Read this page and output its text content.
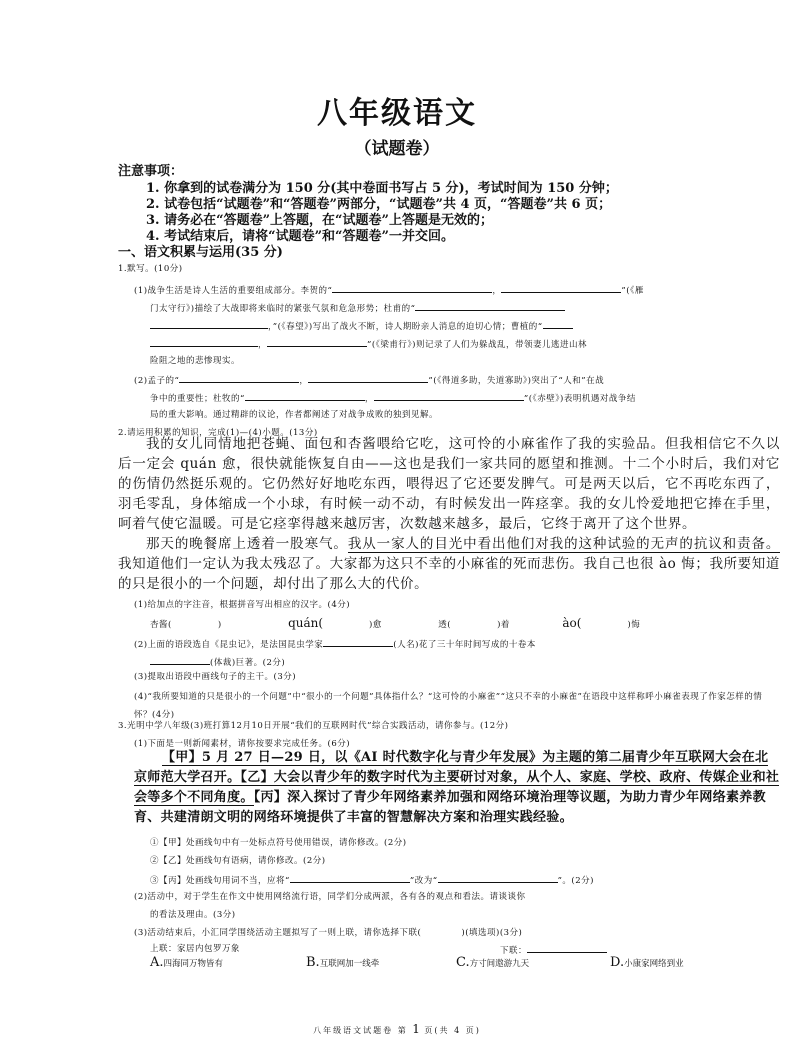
八年级语文
（试题卷）
注意事项：
1. 你拿到的试卷满分为 150 分(其中卷面书写占 5 分)，考试时间为 150 分钟；
2. 试卷包括“试题卷”和“答题卷”两部分，“试题卷”共 4 页，“答题卷”共 6 页；
3. 请务必在“答题卷”上答题，在“试题卷”上答题是无效的；
4. 考试结束后，请将“试题卷”和“答题卷”一并交回。
一、语文积累与运用(35 分)
1.默写。(10分)
(1)战争生活是诗人生活的重要组成部分。李贺的“	，	”(《雁
门太守行》)描绘了大战即将来临时的紧张气氛和危急形势；杜甫的“
，”(《春望》)写出了战火不断，诗人期盼亲人消息的迫切心情；曹植的“
，	”(《梁甫行》)则记录了人们为躲战乱，带领妻儿逃进山林
险阻之地的悲惨现实。
(2)孟子的“	，	”(《得道多助，失道寡助》)突出了“人和”在战
争中的重要性；杜牧的“	，	”(《赤壁》)表明机遇对战争结
局的重大影响。通过精辟的议论，作者都阐述了对战争成败的独到见解。
2.请运用积累的知识，完成(1)—(4)小题。(13分)

我的女儿同情地把苍蝇、面包和杏酱喂给它吃，这可怜的小麻雀作了我的实验品。但我相信它不久以后一定会 quán 愈，很快就能恢复自由——这也是我们一家共同的愿望和推测。十二个小时后，我们对它的伤情仍然挺乐观的。它仍然好好地吃东西，喂得迟了它还要发脾气。可是两天以后，它不再吃东西了，羽毛零乱，身体缩成一个小球，有时候一动不动，有时候发出一阵痉挛。我的女儿怜爱地把它捧在手里，呵着气使它温暖。可是它痉挛得越来越厉害，次数越来越多，最后，它终于离开了这个世界。

那天的晚餐席上透着一股寒气。我从一家人的目光中看出他们对我的这种试验的无声的抗议和责备。我知道他们一定认为我太残忍了。大家都为这只不幸的小麻雀的死而悲伤。我自己也很 ào 悔；我所要知道的只是很小的一个问题，却付出了那么大的代价。

(1)给加点的字注音，根据拼音写出相应的汉字。(4分)
杏酱(	)	quán(	)愈	透(	)着	ào(	)悔
(2)上面的语段选自《昆虫记》，是法国昆虫学家	(人名)花了三十年时间写成的十卷本
(体裁)巨著。(2分)
(3)提取出语段中画线句子的主干。(3分)
(4)“我所要知道的只是很小的一个问题”中“很小的一个问题”具体指什么？“这可怜的小麻雀”“这只不幸的小麻雀”在语段中这样称呼小麻雀表现了作家怎样的情怀？(4分)
3.光明中学八年级(3)班打算12月10日开展“我们的互联网时代”综合实践活动，请你参与。(12分)
(1)下面是一则新闻素材，请你按要求完成任务。(6分)

【甲】5 月 27 日—29 日，以《AI 时代数字化与青少年发展》为主题的第二届青少年互联网大会在北京师范大学召开。【乙】大会以青少年的数字时代为主要研讨对象，从个人、家庭、学校、政府、传媒企业和社会等多个不同角度。【丙】深入探讨了青少年网络素养加强和网络环境治理等议题，为助力青少年网络素养教育、共建清朗文明的网络环境提供了丰富的智慧解决方案和治理实践经验。

①【甲】处画线句中有一处标点符号使用错误，请你修改。(2分)
②【乙】处画线句有语病，请你修改。(2分)
③【丙】处画线句用词不当，应将“	”改为“	”。(2分)
(2)活动中，对于学生在作文中使用网络流行语，同学们分成两派，各有各的观点和看法。请谈谈你
的看法及理由。(3分)
(3)活动结束后，小汇同学围绕活动主题拟写了一则上联，请你选择下联(	)(填选项)(3分)
上联：家居内包罗万象	下联：
A.四海同万物皆有	B.互联网加一线牵	C.方寸间遨游九天	D.小康家网络到业
八年级语文试题卷 第 1 页(共 4 页)
